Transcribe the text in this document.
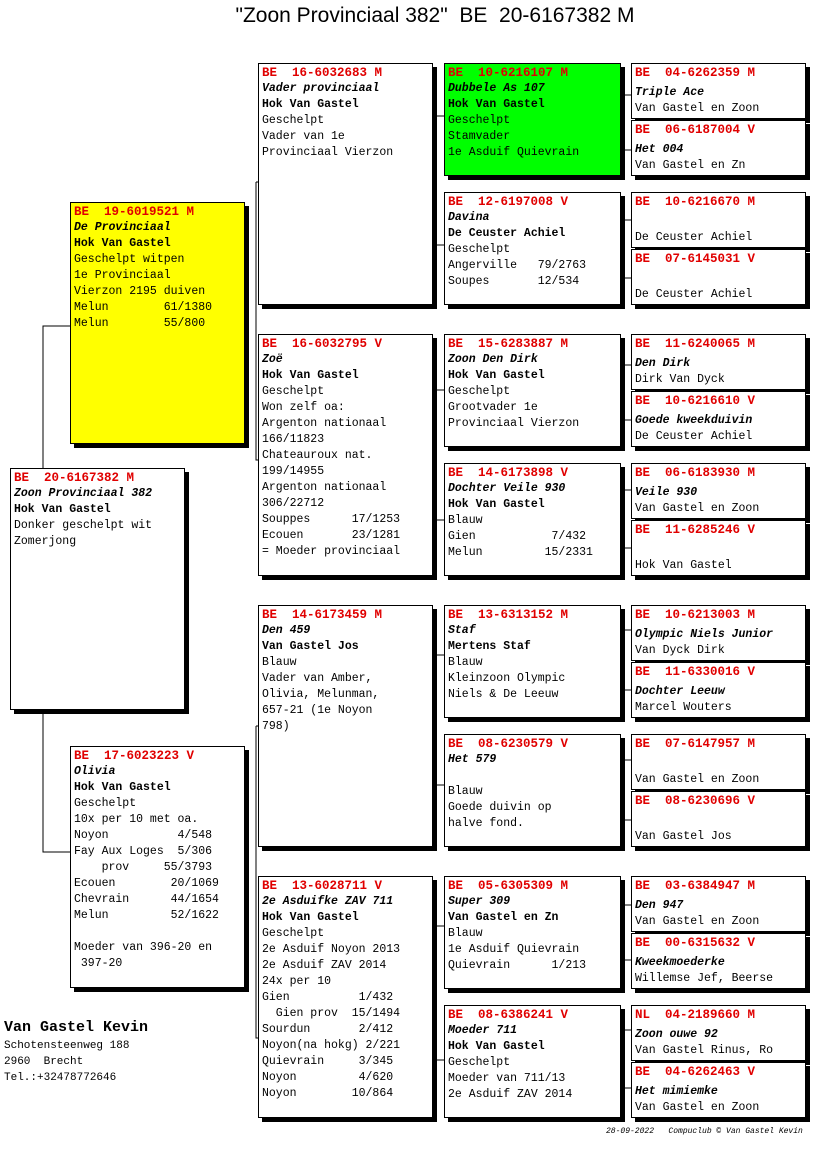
"Zoon Provinciaal 382"  BE  20-6167382 M
BE  20-6167382 M
Zoon Provinciaal 382
Hok Van Gastel
Donker geschelpt wit
Zomerjong
BE  19-6019521 M
De Provinciaal
Hok Van Gastel
Geschelpt witpen
1e Provinciaal
Vierzon 2195 duiven
Melun        61/1380
Melun        55/800
BE  17-6023223 V
Olivia
Hok Van Gastel
Geschelpt
10x per 10 met oa.
Noyon          4/548
Fay Aux Loges  5/306
prov     55/3793
Ecouen        20/1069
Chevrain      44/1654
Melun         52/1622
Moeder van 396-20 en
397-20
BE  16-6032683 M
Vader provinciaal
Hok Van Gastel
Geschelpt
Vader van 1e
Provinciaal Vierzon
BE  16-6032795 V
Zoë
Hok Van Gastel
Geschelpt
Won zelf oa:
Argenton nationaal
166/11823
Chateauroux nat.
199/14955
Argenton nationaal
306/22712
Souppes      17/1253
Ecouen       23/1281
= Moeder provinciaal
BE  14-6173459 M
Den 459
Van Gastel Jos
Blauw
Vader van Amber,
Olivia, Melunman,
657-21 (1e Noyon
798)
BE  13-6028711 V
2e Asduifke ZAV 711
Hok Van Gastel
Geschelpt
2e Asduif Noyon 2013
2e Asduif ZAV 2014
24x per 10
Gien          1/432
Gien prov  15/1494
Sourdun       2/412
Noyon(na hokg) 2/221
Quievrain     3/345
Noyon         4/620
Noyon        10/864
BE  10-6216107 M
Dubbele As 107
Hok Van Gastel
Geschelpt
Stamvader
1e Asduif Quievrain
BE  12-6197008 V
Davina
De Ceuster Achiel
Geschelpt
Angerville   79/2763
Soupes       12/534
BE  15-6283887 M
Zoon Den Dirk
Hok Van Gastel
Geschelpt
Grootvader 1e
Provinciaal Vierzon
BE  14-6173898 V
Dochter Veile 930
Hok Van Gastel
Blauw
Gien           7/432
Melun         15/2331
BE  13-6313152 M
Staf
Mertens Staf
Blauw
Kleinzoon Olympic
Niels & De Leeuw
BE  08-6230579 V
Het 579
Blauw
Goede duivin op
halve fond.
BE  05-6305309 M
Super 309
Van Gastel en Zn
Blauw
1e Asduif Quievrain
Quievrain      1/213
BE  08-6386241 V
Moeder 711
Hok Van Gastel
Geschelpt
Moeder van 711/13
2e Asduif ZAV 2014
BE  04-6262359 M
Triple Ace
Van Gastel en Zoon
BE  06-6187004 V
Het 004
Van Gastel en Zn
BE  10-6216670 M
De Ceuster Achiel
BE  07-6145031 V
De Ceuster Achiel
BE  11-6240065 M
Den Dirk
Dirk Van Dyck
BE  10-6216610 V
Goede kweekduivin
De Ceuster Achiel
BE  06-6183930 M
Veile 930
Van Gastel en Zoon
BE  11-6285246 V
Hok Van Gastel
BE  10-6213003 M
Olympic Niels Junior
Van Dyck Dirk
BE  11-6330016 V
Dochter Leeuw
Marcel Wouters
BE  07-6147957 M
Van Gastel en Zoon
BE  08-6230696 V
Van Gastel Jos
BE  03-6384947 M
Den 947
Van Gastel en Zoon
BE  00-6315632 V
Kweekmoederke
Willemse Jef, Beerse
NL  04-2189660 M
Zoon ouwe 92
Van Gastel Rinus, Ro
BE  04-6262463 V
Het mimiemke
Van Gastel en Zoon
Van Gastel Kevin
Schotensteenweg 188
2960  Brecht
Tel.:+32478772646
28-09-2022   Compuclub © Van Gastel Kevin
